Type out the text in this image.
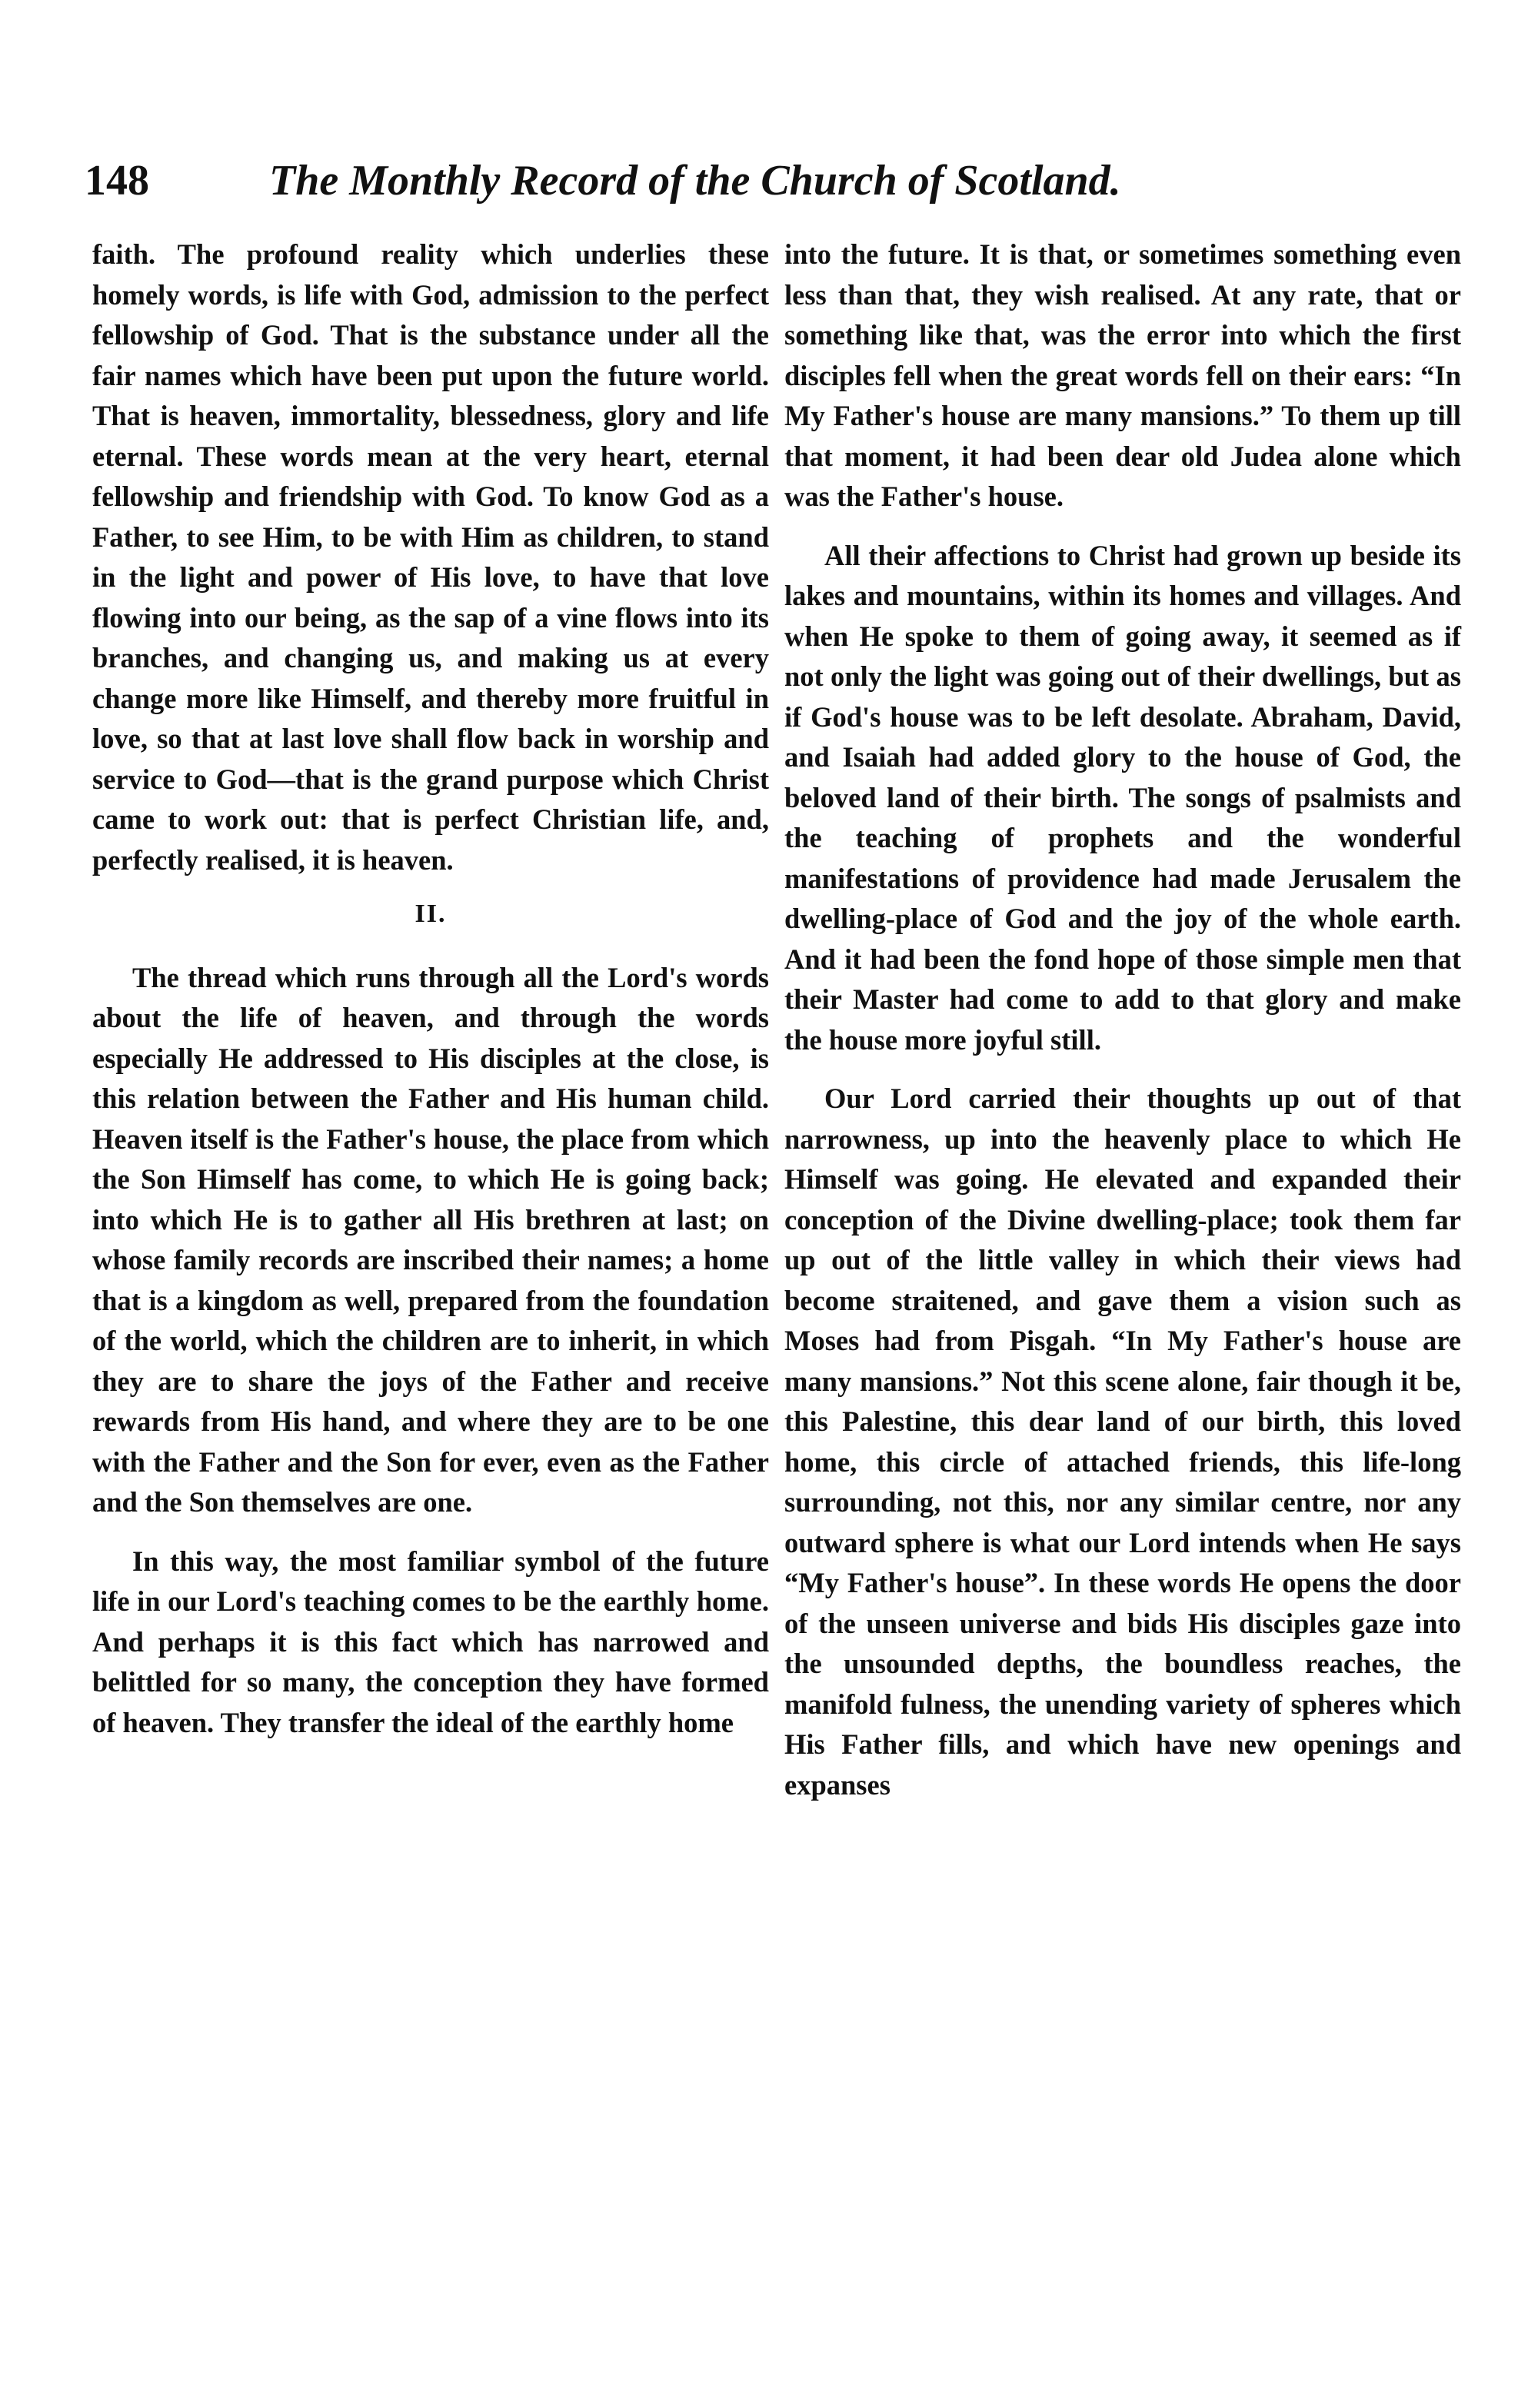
148	The Monthly Record of the Church of Scotland.

faith. The profound reality which underlies these homely words, is life with God, admission to the perfect fellowship of God. That is the substance under all the fair names which have been put upon the future world. That is heaven, immortality, blessedness, glory and life eternal. These words mean at the very heart, eternal fellowship and friendship with God. To know God as a Father, to see Him, to be with Him as children, to stand in the light and power of His love, to have that love flowing into our being, as the sap of a vine flows into its branches, and changing us, and making us at every change more like Himself, and thereby more fruitful in love, so that at last love shall flow back in worship and service to God—that is the grand purpose which Christ came to work out: that is perfect Christian life, and, perfectly realised, it is heaven.

II.

The thread which runs through all the Lord's words about the life of heaven, and through the words especially He addressed to His disciples at the close, is this relation between the Father and His human child. Heaven itself is the Father's house, the place from which the Son Himself has come, to which He is going back; into which He is to gather all His brethren at last; on whose family records are inscribed their names; a home that is a kingdom as well, prepared from the foundation of the world, which the children are to inherit, in which they are to share the joys of the Father and receive rewards from His hand, and where they are to be one with the Father and the Son for ever, even as the Father and the Son themselves are one.

In this way, the most familiar symbol of the future life in our Lord's teaching comes to be the earthly home. And perhaps it is this fact which has narrowed and belittled for so many, the conception they have formed of heaven. They transfer the ideal of the earthly home

into the future. It is that, or sometimes something even less than that, they wish realised. At any rate, that or something like that, was the error into which the first disciples fell when the great words fell on their ears: “In My Father's house are many mansions.” To them up till that moment, it had been dear old Judea alone which was the Father's house.

All their affections to Christ had grown up beside its lakes and mountains, within its homes and villages. And when He spoke to them of going away, it seemed as if not only the light was going out of their dwellings, but as if God's house was to be left desolate. Abraham, David, and Isaiah had added glory to the house of God, the beloved land of their birth. The songs of psalmists and the teaching of prophets and the wonderful manifestations of providence had made Jerusalem the dwelling-place of God and the joy of the whole earth. And it had been the fond hope of those simple men that their Master had come to add to that glory and make the house more joyful still.

Our Lord carried their thoughts up out of that narrowness, up into the heavenly place to which He Himself was going. He elevated and expanded their conception of the Divine dwelling-place; took them far up out of the little valley in which their views had become straitened, and gave them a vision such as Moses had from Pisgah. “In My Father's house are many mansions.” Not this scene alone, fair though it be, this Palestine, this dear land of our birth, this loved home, this circle of attached friends, this life-long surrounding, not this, nor any similar centre, nor any outward sphere is what our Lord intends when He says “My Father's house”. In these words He opens the door of the unseen universe and bids His disciples gaze into the unsounded depths, the boundless reaches, the manifold fulness, the unending variety of spheres which His Father fills, and which have new openings and expanses
